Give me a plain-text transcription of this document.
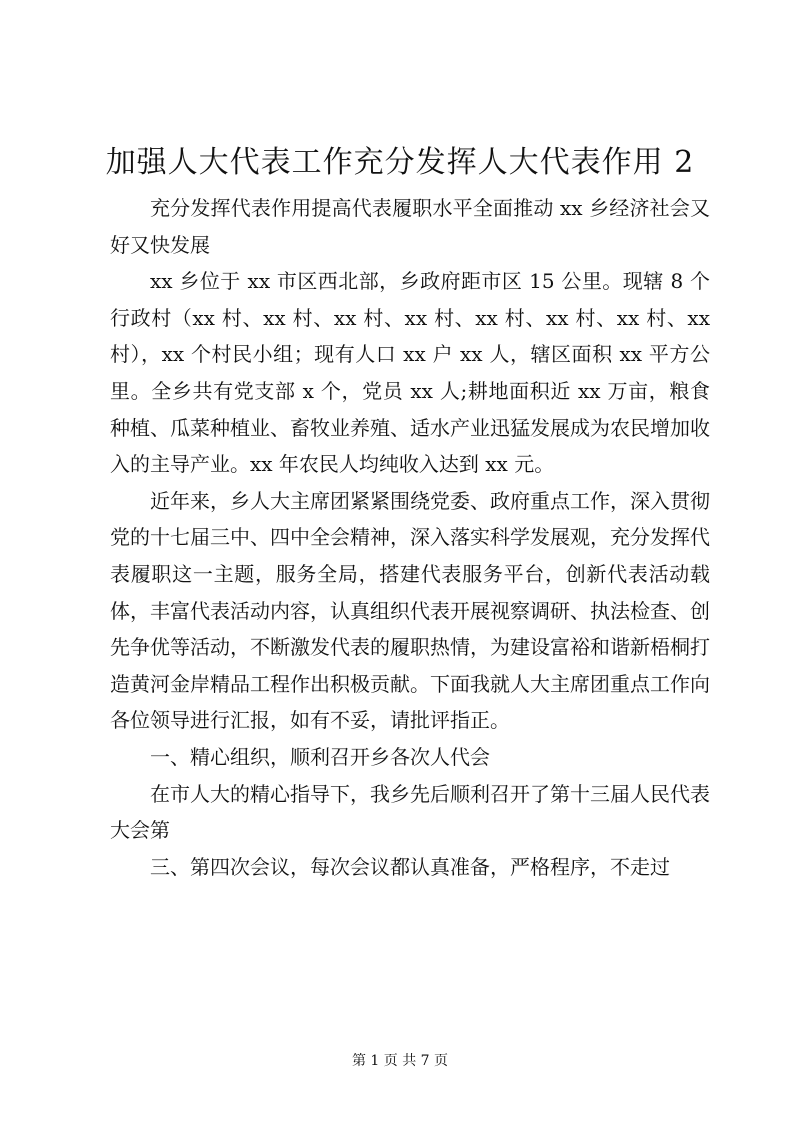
加强人大代表工作充分发挥人大代表作用 2

充分发挥代表作用提高代表履职水平全面推动 xx 乡经济社会又好又快发展

xx 乡位于 xx 市区西北部，乡政府距市区 15 公里。现辖 8 个行政村（xx 村、xx 村、xx 村、xx 村、xx 村、xx 村、xx 村、xx 村），xx 个村民小组；现有人口 xx 户 xx 人，辖区面积 xx 平方公里。全乡共有党支部 x 个，党员 xx 人;耕地面积近 xx 万亩，粮食种植、瓜菜种植业、畜牧业养殖、适水产业迅猛发展成为农民增加收入的主导产业。xx 年农民人均纯收入达到 xx 元。

近年来，乡人大主席团紧紧围绕党委、政府重点工作，深入贯彻党的十七届三中、四中全会精神，深入落实科学发展观，充分发挥代表履职这一主题，服务全局，搭建代表服务平台，创新代表活动载体，丰富代表活动内容，认真组织代表开展视察调研、执法检查、创先争优等活动，不断激发代表的履职热情，为建设富裕和谐新梧桐打造黄河金岸精品工程作出积极贡献。下面我就人大主席团重点工作向各位领导进行汇报，如有不妥，请批评指正。

一、精心组织，顺利召开乡各次人代会

在市人大的精心指导下，我乡先后顺利召开了第十三届人民代表大会第

三、第四次会议，每次会议都认真准备，严格程序，不走过

第 1 页 共 7 页
